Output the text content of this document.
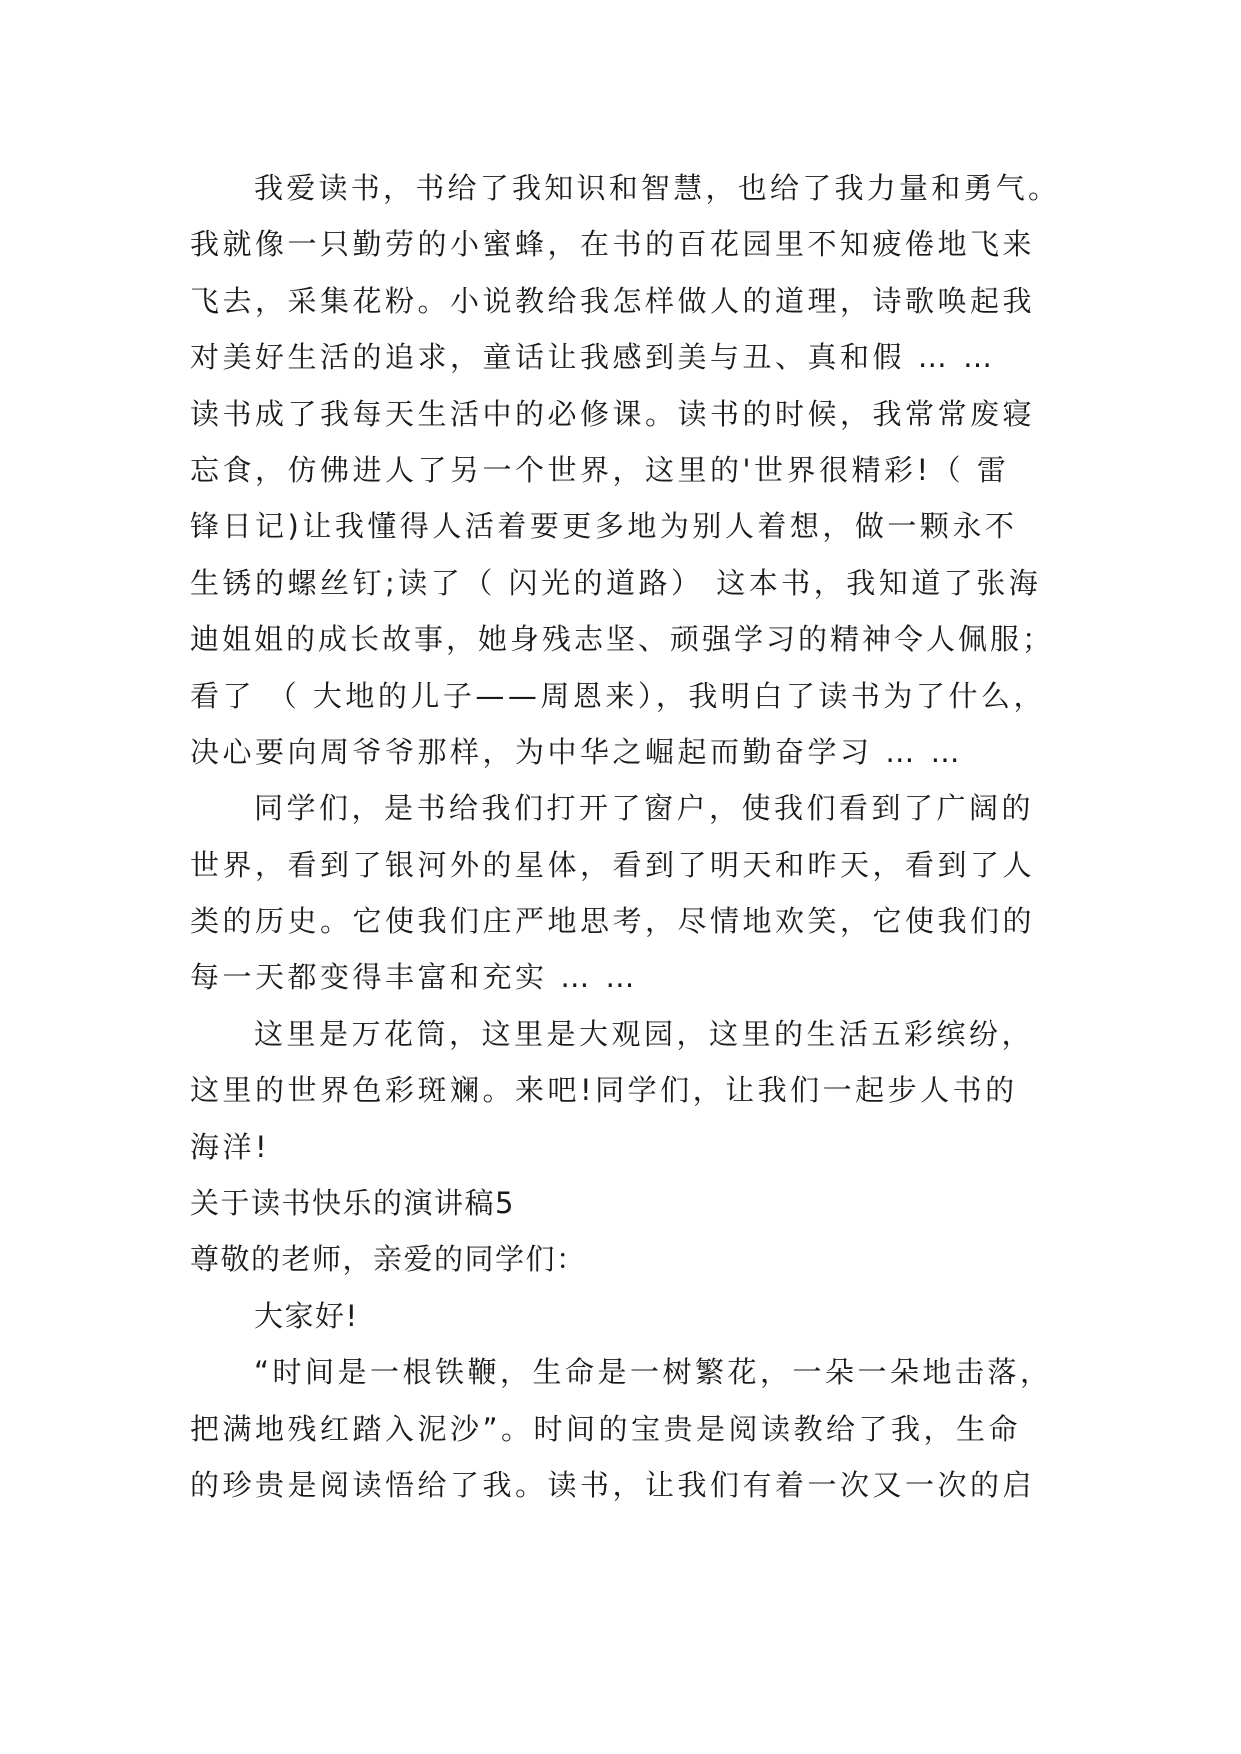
我爱读书，书给了我知识和智慧，也给了我力量和勇气。

我就像一只勤劳的小蜜蜂，在书的百花园里不知疲倦地飞来

飞去，采集花粉。小说教给我怎样做人的道理，诗歌唤起我

对美好生活的追求，童话让我感到美与丑、真和假 … …

读书成了我每天生活中的必修课。读书的时候，我常常废寝

忘食，仿佛进人了另一个世界，这里的'世界很精彩!（ 雷

锋日记)让我懂得人活着要更多地为别人着想，做一颗永不

生锈的螺丝钉;读了（ 闪光的道路） 这本书，我知道了张海

迪姐姐的成长故事，她身残志坚、顽强学习的精神令人佩服；

看了 （ 大地的儿子——周恩来），我明白了读书为了什么，

决心要向周爷爷那样，为中华之崛起而勤奋学习 … …

同学们，是书给我们打开了窗户，使我们看到了广阔的

世界，看到了银河外的星体，看到了明天和昨天，看到了人

类的历史。它使我们庄严地思考，尽情地欢笑，它使我们的

每一天都变得丰富和充实 … …

这里是万花筒，这里是大观园，这里的生活五彩缤纷，

这里的世界色彩斑斓。来吧!同学们，让我们一起步人书的

海洋!

关于读书快乐的演讲稿5

尊敬的老师，亲爱的同学们：

大家好!

“时间是一根铁鞭，生命是一树繁花，一朵一朵地击落，

把满地残红踏入泥沙”。时间的宝贵是阅读教给了我，生命

的珍贵是阅读悟给了我。读书，让我们有着一次又一次的启
